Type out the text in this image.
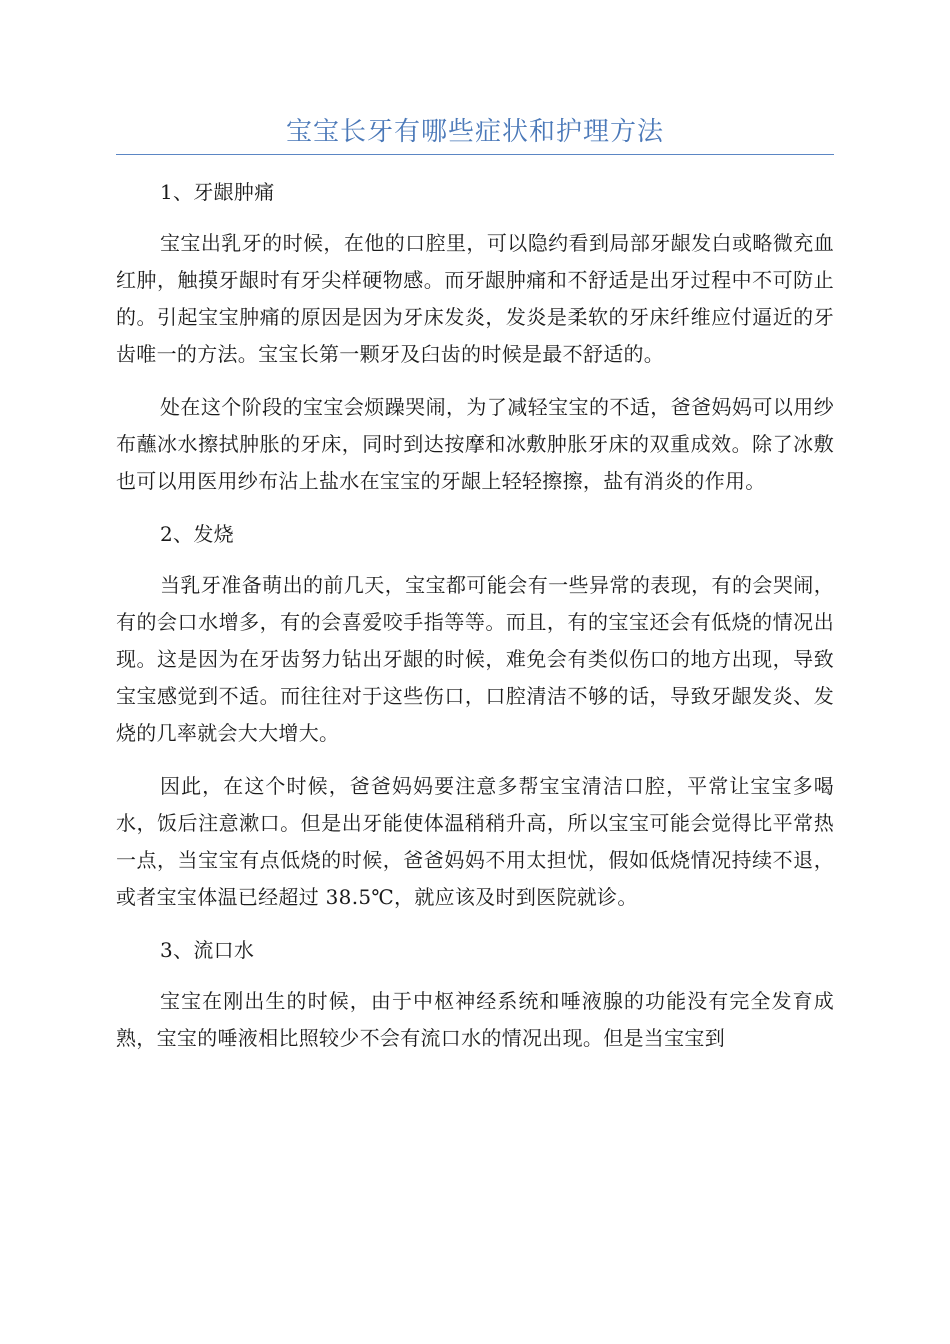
宝宝长牙有哪些症状和护理方法

1、牙龈肿痛

宝宝出乳牙的时候，在他的口腔里，可以隐约看到局部牙龈发白或略微充血红肿，触摸牙龈时有牙尖样硬物感。而牙龈肿痛和不舒适是出牙过程中不可防止的。引起宝宝肿痛的原因是因为牙床发炎，发炎是柔软的牙床纤维应付逼近的牙齿唯一的方法。宝宝长第一颗牙及臼齿的时候是最不舒适的。

处在这个阶段的宝宝会烦躁哭闹，为了减轻宝宝的不适，爸爸妈妈可以用纱布蘸冰水擦拭肿胀的牙床，同时到达按摩和冰敷肿胀牙床的双重成效。除了冰敷也可以用医用纱布沾上盐水在宝宝的牙龈上轻轻擦擦，盐有消炎的作用。

2、发烧

当乳牙准备萌出的前几天，宝宝都可能会有一些异常的表现，有的会哭闹，有的会口水增多，有的会喜爱咬手指等等。而且，有的宝宝还会有低烧的情况出现。这是因为在牙齿努力钻出牙龈的时候，难免会有类似伤口的地方出现，导致宝宝感觉到不适。而往往对于这些伤口，口腔清洁不够的话，导致牙龈发炎、发烧的几率就会大大增大。

因此，在这个时候，爸爸妈妈要注意多帮宝宝清洁口腔，平常让宝宝多喝水，饭后注意漱口。但是出牙能使体温稍稍升高，所以宝宝可能会觉得比平常热一点，当宝宝有点低烧的时候，爸爸妈妈不用太担忧，假如低烧情况持续不退，或者宝宝体温已经超过 38.5℃，就应该及时到医院就诊。

3、流口水

宝宝在刚出生的时候，由于中枢神经系统和唾液腺的功能没有完全发育成熟，宝宝的唾液相比照较少不会有流口水的情况出现。但是当宝宝到
